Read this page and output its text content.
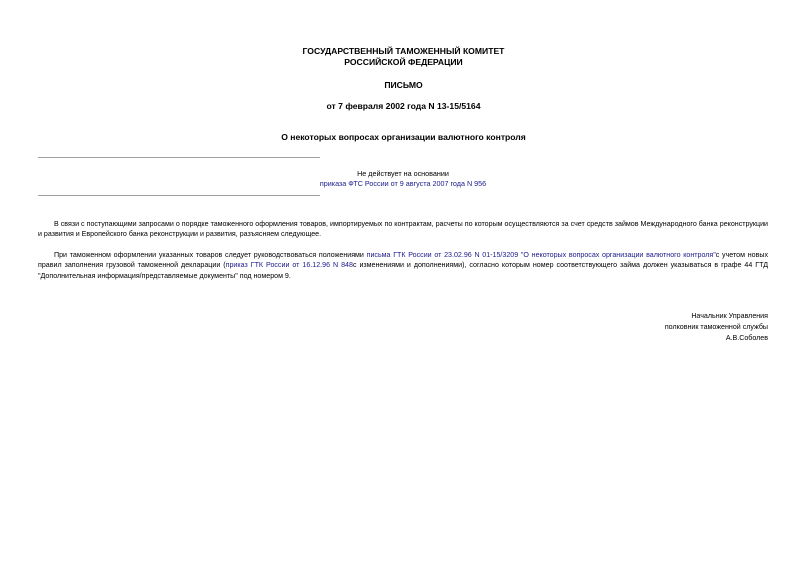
ГОСУДАРСТВЕННЫЙ ТАМОЖЕННЫЙ КОМИТЕТ
РОССИЙСКОЙ ФЕДЕРАЦИИ
ПИСЬМО
от 7 февраля 2002 года N 13-15/5164
О некоторых вопросах организации валютного контроля
Не действует на основании
приказа ФТС России от 9 августа 2007 года N 956
В связи с поступающими запросами о порядке таможенного оформления товаров, импортируемых по контрактам, расчеты по которым осуществляются за счет средств займов Международного банка реконструкции и развития и Европейского банка реконструкции и развития, разъясняем следующее.
При таможенном оформлении указанных товаров следует руководствоваться положениями письма ГТК России от 23.02.96 N 01-15/3209 "О некоторых вопросах организации валютного контроля"с учетом новых правил заполнения грузовой таможенной декларации (приказ ГТК России от 16.12.96 N 848с изменениями и дополнениями), согласно которым номер соответствующего займа должен указываться в графе 44 ГТД "Дополнительная информация/представляемые документы" под номером 9.
Начальник Управления
полковник таможенной службы
А.В.Соболев
